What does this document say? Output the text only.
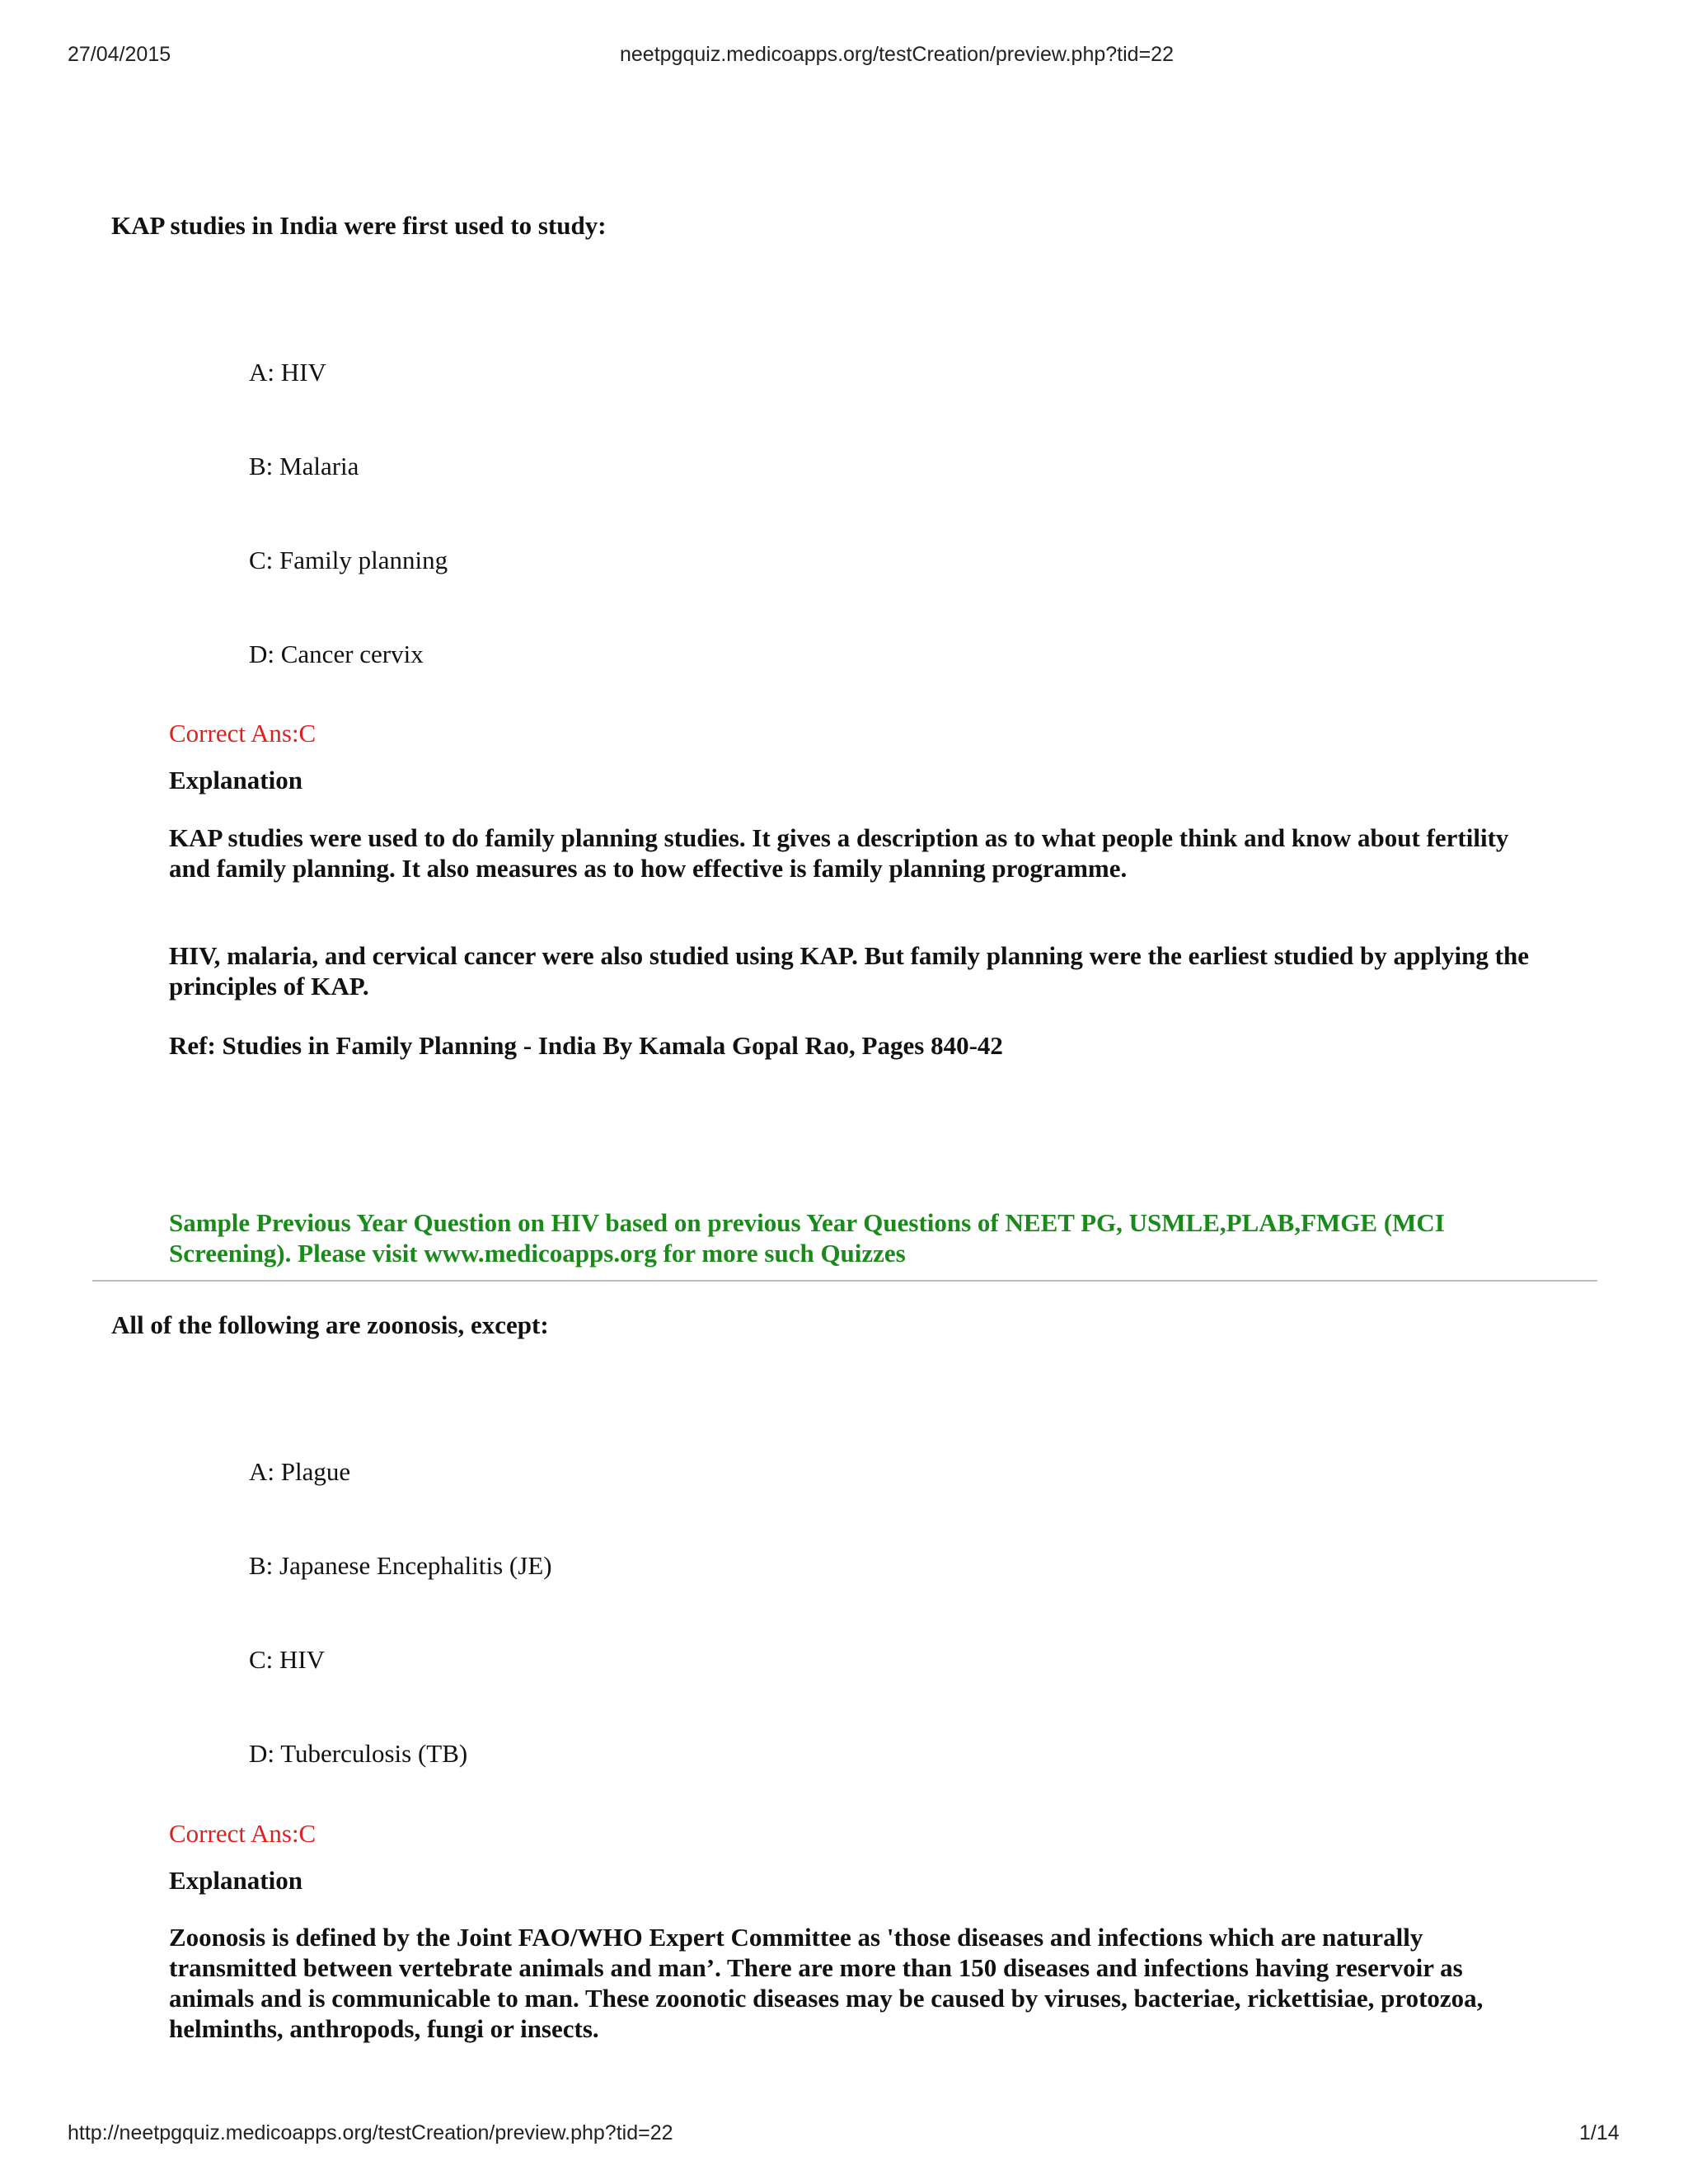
27/04/2015	neetpgquiz.medicoapps.org/testCreation/preview.php?tid=22
KAP studies in India were first used to study:
A: HIV
B: Malaria
C: Family planning
D: Cancer cervix
Correct Ans:C
Explanation

KAP studies were used to do family planning studies. It gives a description as to what people think and know about fertility and family planning. It also measures as to how effective is family planning programme.

HIV, malaria, and cervical cancer were also studied using KAP. But family planning were the earliest studied by applying the principles of KAP.

Ref: Studies in Family Planning - India By Kamala Gopal Rao, Pages 840-42

Sample Previous Year Question on HIV based on previous Year Questions of NEET PG, USMLE,PLAB,FMGE (MCI Screening). Please visit www.medicoapps.org for more such Quizzes

All of the following are zoonosis, except:
A: Plague
B: Japanese Encephalitis (JE)
C: HIV
D: Tuberculosis (TB)
Correct Ans:C
Explanation

Zoonosis is defined by the Joint FAO/WHO Expert Committee as 'those diseases and infections which are naturally transmitted between vertebrate animals and man’. There are more than 150 diseases and infections having reservoir as animals and is communicable to man. These zoonotic diseases may be caused by viruses, bacteriae, rickettisiae, protozoa, helminths, anthropods, fungi or insects.

http://neetpgquiz.medicoapps.org/testCreation/preview.php?tid=22	1/14
